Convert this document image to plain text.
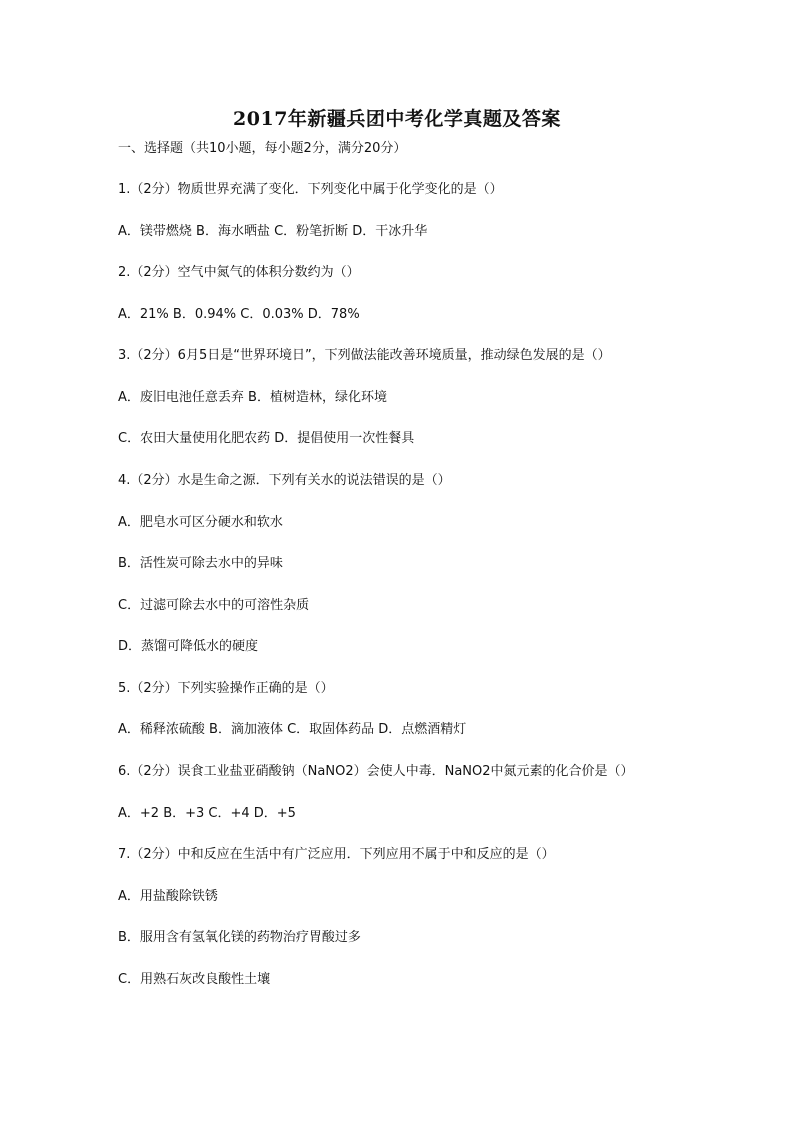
2017年新疆兵团中考化学真题及答案
一、选择题（共10小题，每小题2分，满分20分）
1.（2分）物质世界充满了变化．下列变化中属于化学变化的是（）
A．镁带燃烧 B．海水晒盐 C．粉笔折断 D．干冰升华
2.（2分）空气中氮气的体积分数约为（）
A．21% B．0.94% C．0.03% D．78%
3.（2分）6月5日是“世界环境日”，下列做法能改善环境质量，推动绿色发展的是（）
A．废旧电池任意丢弃 B．植树造林，绿化环境
C．农田大量使用化肥农药 D．提倡使用一次性餐具
4.（2分）水是生命之源．下列有关水的说法错误的是（）
A．肥皂水可区分硬水和软水
B．活性炭可除去水中的异味
C．过滤可除去水中的可溶性杂质
D．蒸馏可降低水的硬度
5.（2分）下列实验操作正确的是（）
A．稀释浓硫酸 B．滴加液体 C．取固体药品 D．点燃酒精灯
6.（2分）误食工业盐亚硝酸钠（NaNO2）会使人中毒．NaNO2中氮元素的化合价是（）
A．+2 B．+3 C．+4 D．+5
7.（2分）中和反应在生活中有广泛应用．下列应用不属于中和反应的是（）
A．用盐酸除铁锈
B．服用含有氢氧化镁的药物治疗胃酸过多
C．用熟石灰改良酸性土壤
